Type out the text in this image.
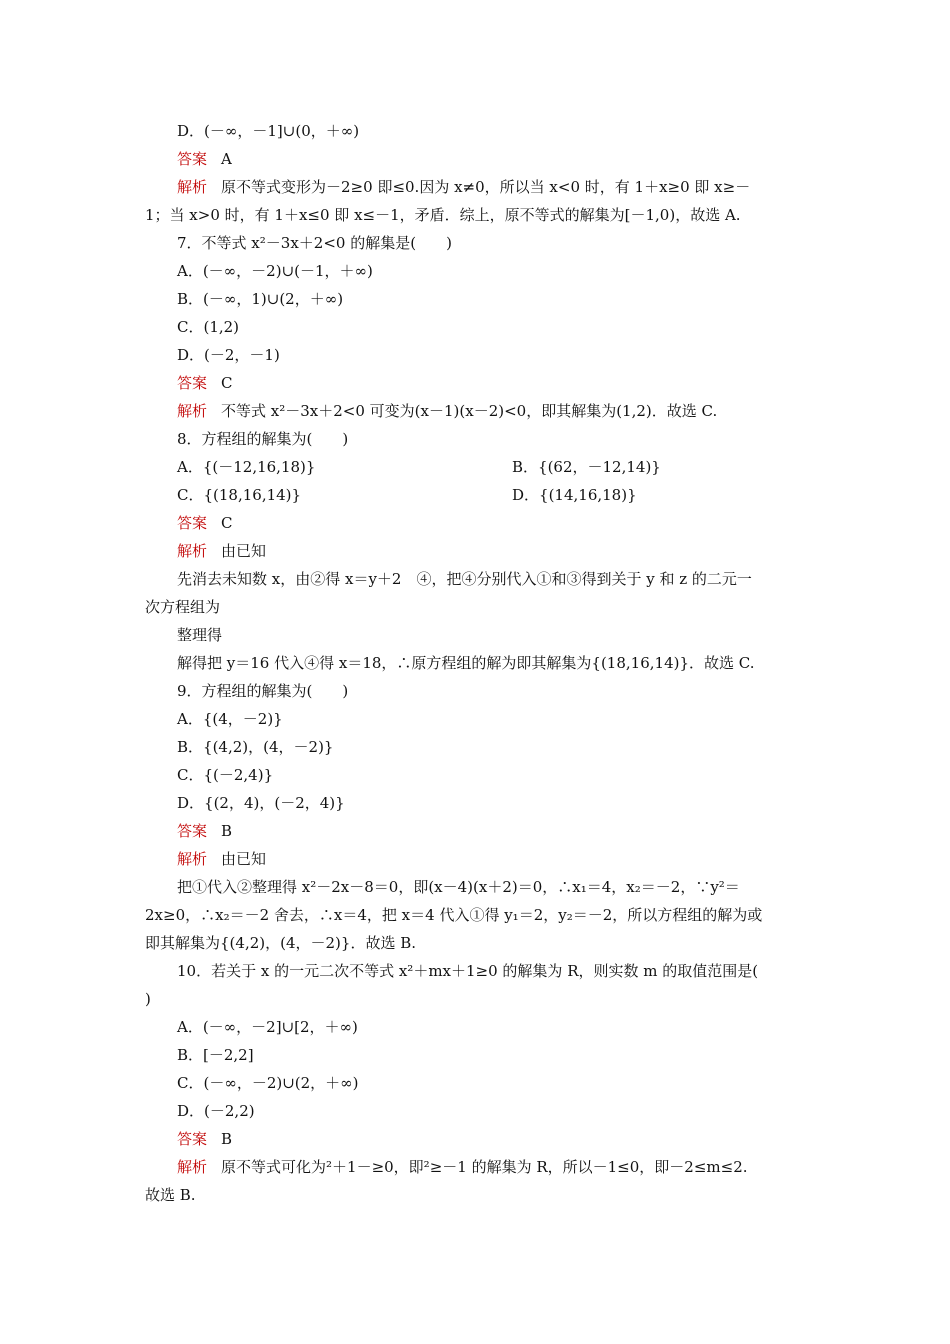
D．(－∞，－1]∪(0，＋∞)
答案 A
解析 原不等式变形为－2≥0 即≤0.因为 x≠0，所以当 x<0 时，有 1＋x≥0 即 x≥－
1；当 x>0 时，有 1＋x≤0 即 x≤－1，矛盾．综上，原不等式的解集为[－1,0)，故选 A.
7．不等式 x²－3x＋2<0 的解集是(　　)
A．(－∞，－2)∪(－1，＋∞)
B．(－∞，1)∪(2，＋∞)
C．(1,2)
D．(－2，－1)
答案 C
解析 不等式 x²－3x＋2<0 可变为(x－1)(x－2)<0，即其解集为(1,2)．故选 C.
8．方程组的解集为(　　)
A．{(－12,16,18)}	B．{(62，－12,14)}
C．{(18,16,14)}	D．{(14,16,18)}
答案 C
解析 由已知
先消去未知数 x，由②得 x＝y＋2　④，把④分别代入①和③得到关于 y 和 z 的二元一
次方程组为
整理得
解得把 y＝16 代入④得 x＝18，∴原方程组的解为即其解集为{(18,16,14)}．故选 C.
9．方程组的解集为(　　)
A．{(4，－2)}
B．{(4,2)，(4，－2)}
C．{(－2,4)}
D．{(2，4)，(－2，4)}
答案 B
解析 由已知
把①代入②整理得 x²－2x－8＝0，即(x－4)(x＋2)＝0，∴x₁＝4，x₂＝－2，∵y²＝
2x≥0，∴x₂＝－2 舍去，∴x＝4，把 x＝4 代入①得 y₁＝2，y₂＝－2，所以方程组的解为或
即其解集为{(4,2)，(4，－2)}．故选 B.
10．若关于 x 的一元二次不等式 x²＋mx＋1≥0 的解集为 R，则实数 m 的取值范围是(
)
A．(－∞，－2]∪[2，＋∞)
B．[－2,2]
C．(－∞，－2)∪(2，＋∞)
D．(－2,2)
答案 B
解析 原不等式可化为²＋1－≥0，即²≥－1 的解集为 R，所以－1≤0，即－2≤m≤2.
故选 B.
